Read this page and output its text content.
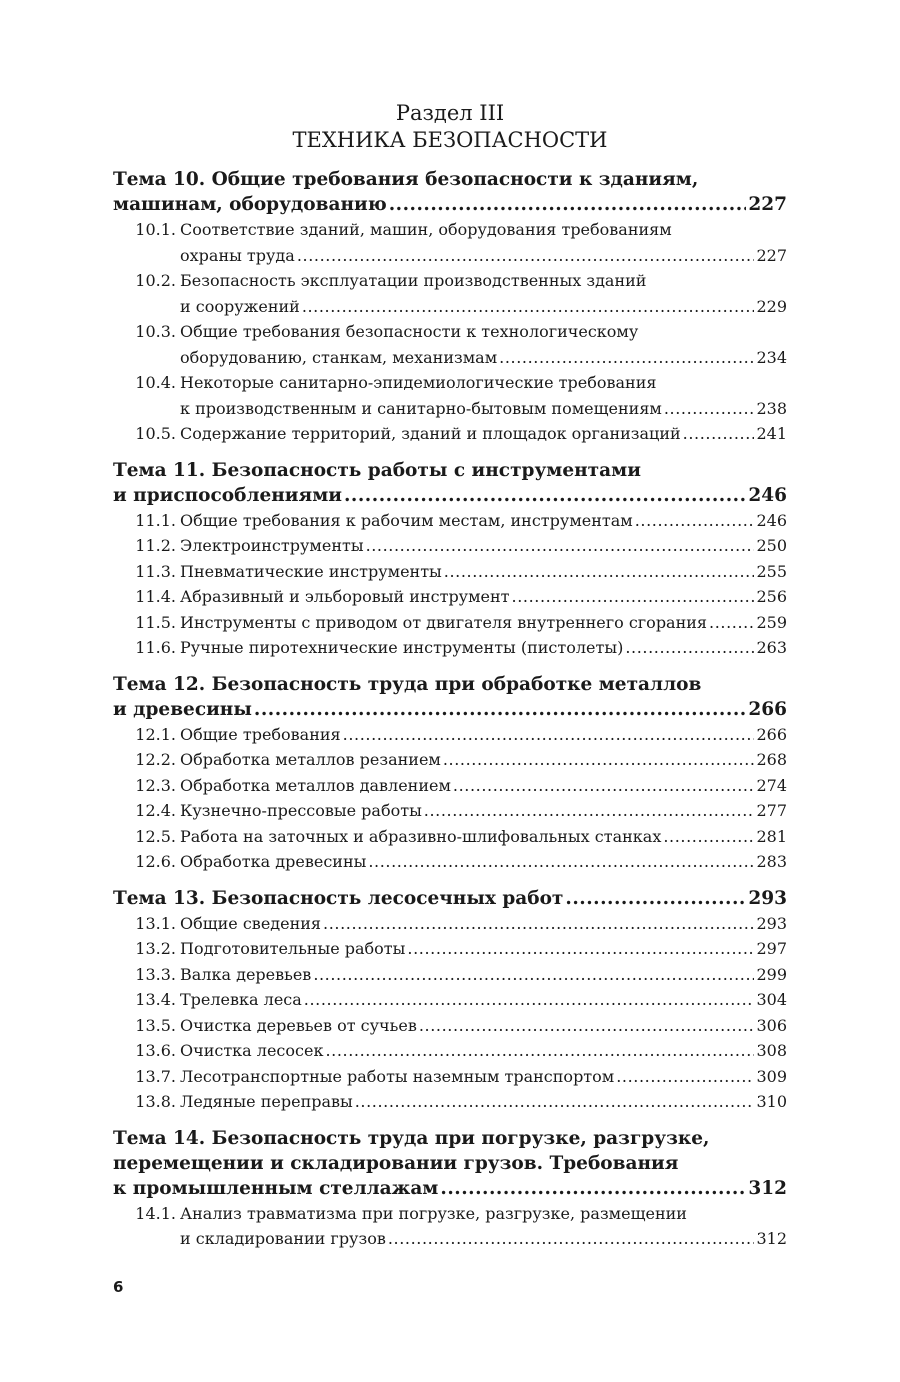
Раздел III
ТЕХНИКА БЕЗОПАСНОСТИ
Тема 10. Общие требования безопасности к зданиям,
машинам, оборудованию .....	227
10.1. Соответствие зданий, машин, оборудования требованиям
охраны труда .....	227
10.2. Безопасность эксплуатации производственных зданий
и сооружений .....	229
10.3. Общие требования безопасности к технологическому
оборудованию, станкам, механизмам .....	234
10.4. Некоторые санитарно-эпидемиологические требования
к производственным и санитарно-бытовым помещениям .....	238
10.5. Содержание территорий, зданий и площадок организаций .....	241
Тема 11. Безопасность работы с инструментами
и приспособлениями .....	246
11.1. Общие требования к рабочим местам, инструментам .....	246
11.2. Электроинструменты .....	250
11.3. Пневматические инструменты .....	255
11.4. Абразивный и эльборовый инструмент .....	256
11.5. Инструменты с приводом от двигателя внутреннего сгорания .....	259
11.6. Ручные пиротехнические инструменты (пистолеты) .....	263
Тема 12. Безопасность труда при обработке металлов
и древесины .....	266
12.1. Общие требования .....	266
12.2. Обработка металлов резанием .....	268
12.3. Обработка металлов давлением .....	274
12.4. Кузнечно-прессовые работы .....	277
12.5. Работа на заточных и абразивно-шлифовальных станках .....	281
12.6. Обработка древесины .....	283
Тема 13. Безопасность лесосечных работ .....	293
13.1. Общие сведения .....	293
13.2. Подготовительные работы .....	297
13.3. Валка деревьев .....	299
13.4. Трелевка леса .....	304
13.5. Очистка деревьев от сучьев .....	306
13.6. Очистка лесосек .....	308
13.7. Лесотранспортные работы наземным транспортом .....	309
13.8. Ледяные переправы .....	310
Тема 14. Безопасность труда при погрузке, разгрузке,
перемещении и складировании грузов. Требования
к промышленным стеллажам .....	312
14.1. Анализ травматизма при погрузке, разгрузке, размещении
и складировании грузов .....	312
6
